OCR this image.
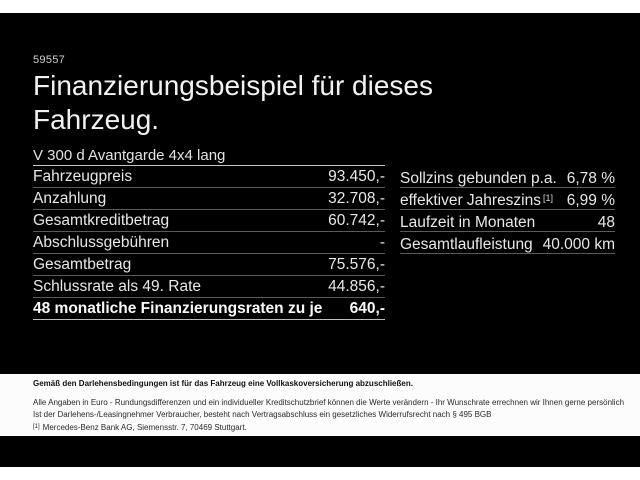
59557
Finanzierungsbeispiel für dieses Fahrzeug.
V 300 d Avantgarde 4x4 lang
Fahrzeugpreis	93.450,-
Anzahlung	32.708,-
Gesamtkreditbetrag	60.742,-
Abschlussgebühren	-
Gesamtbetrag	75.576,-
Schlussrate als 49. Rate	44.856,-
48 monatliche Finanzierungsraten zu je 640,-
Sollzins gebunden p.a. 6,78 %
effektiver Jahreszins [1] 6,99 %
Laufzeit in Monaten	48
Gesamtlaufleistung 40.000 km
Gemäß den Darlehensbedingungen ist für das Fahrzeug eine Vollkaskoversicherung abzuschließen.
Alle Angaben in Euro - Rundungsdifferenzen und ein individueller Kreditschutzbrief können die Werte verändern - Ihr Wunschrate errechnen wir Ihnen gerne persönlich
Ist der Darlehens-/Leasingnehmer Verbraucher, besteht nach Vertragsabschluss ein gesetzliches Widerrufsrecht nach § 495 BGB
[1] Mercedes-Benz Bank AG, Siemensstr. 7, 70469 Stuttgart.
